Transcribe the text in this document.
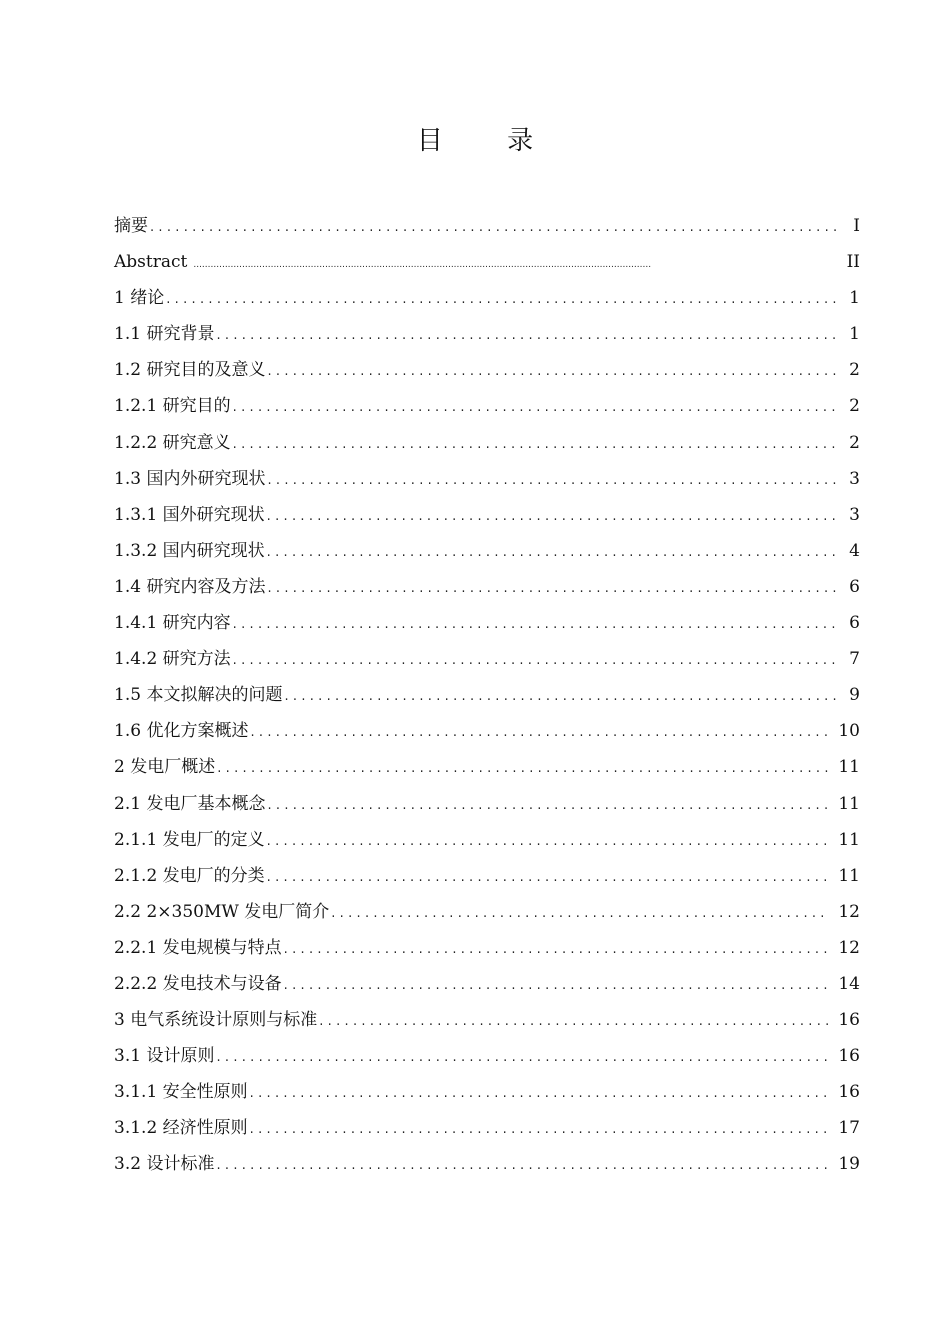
目 录
摘要 .....	I
Abstract .....	II
1 绪论 .....	1
1.1 研究背景 .....	1
1.2 研究目的及意义 .....	2
1.2.1 研究目的 .....	2
1.2.2 研究意义 .....	2
1.3 国内外研究现状 .....	3
1.3.1 国外研究现状 .....	3
1.3.2 国内研究现状 .....	4
1.4 研究内容及方法 .....	6
1.4.1 研究内容 .....	6
1.4.2 研究方法 .....	7
1.5 本文拟解决的问题 .....	9
1.6 优化方案概述 .....	10
2 发电厂概述 .....	11
2.1 发电厂基本概念 .....	11
2.1.1 发电厂的定义 .....	11
2.1.2 发电厂的分类 .....	11
2.2 2×350MW 发电厂简介 .....	12
2.2.1 发电规模与特点 .....	12
2.2.2 发电技术与设备 .....	14
3 电气系统设计原则与标准 .....	16
3.1 设计原则 .....	16
3.1.1 安全性原则 .....	16
3.1.2 经济性原则 .....	17
3.2 设计标准 .....	19
